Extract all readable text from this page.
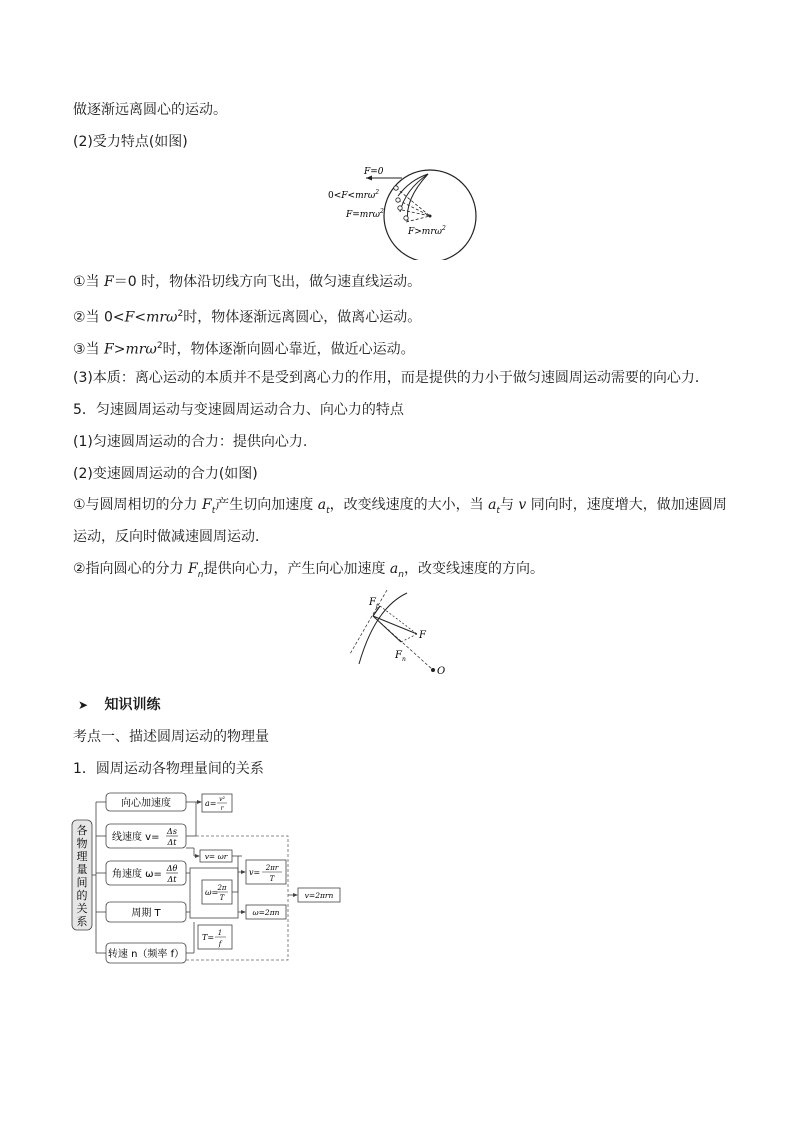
做逐渐远离圆心的运动。
(2)受力特点(如图)
F=0
0<F<mrω$^2$
F=mrω$^2$
F>mrω$^2$
①当 F＝0 时，物体沿切线方向飞出，做匀速直线运动。
②当 0<F<mrω$^2$时，物体逐渐远离圆心，做离心运动。
③当 F>mrω$^2$时，物体逐渐向圆心靠近，做近心运动。
(3)本质：离心运动的本质并不是受到离心力的作用，而是提供的力小于做匀速圆周运动需要的向心力．
5．匀速圆周运动与变速圆周运动合力、向心力的特点
(1)匀速圆周运动的合力：提供向心力.
(2)变速圆周运动的合力(如图)
①与圆周相切的分力 $F_t$产生切向加速度 $a_t$，改变线速度的大小，当 $a_t$与 v 同向时，速度增大，做加速圆周
运动，反向时做减速圆周运动．
②指向圆心的分力 $F_n$提供向心力，产生向心加速度 $a_n$，改变线速度的方向。
$F_t$
F
$F_n$
O
➤ 知识训练
考点一、描述圆周运动的物理量
1．圆周运动各物理量间的关系
各
物
理
量
间
的
关
系
向心加速度
线速度 v=
Δs
Δt
角速度 ω=
Δθ
Δt
周期 T
转速 n（频率 f）
a= v²
r
v= ωr
ω= 2π
T
T= 1
f
v= 2πr
T
ω=2πn
v=2πrn
